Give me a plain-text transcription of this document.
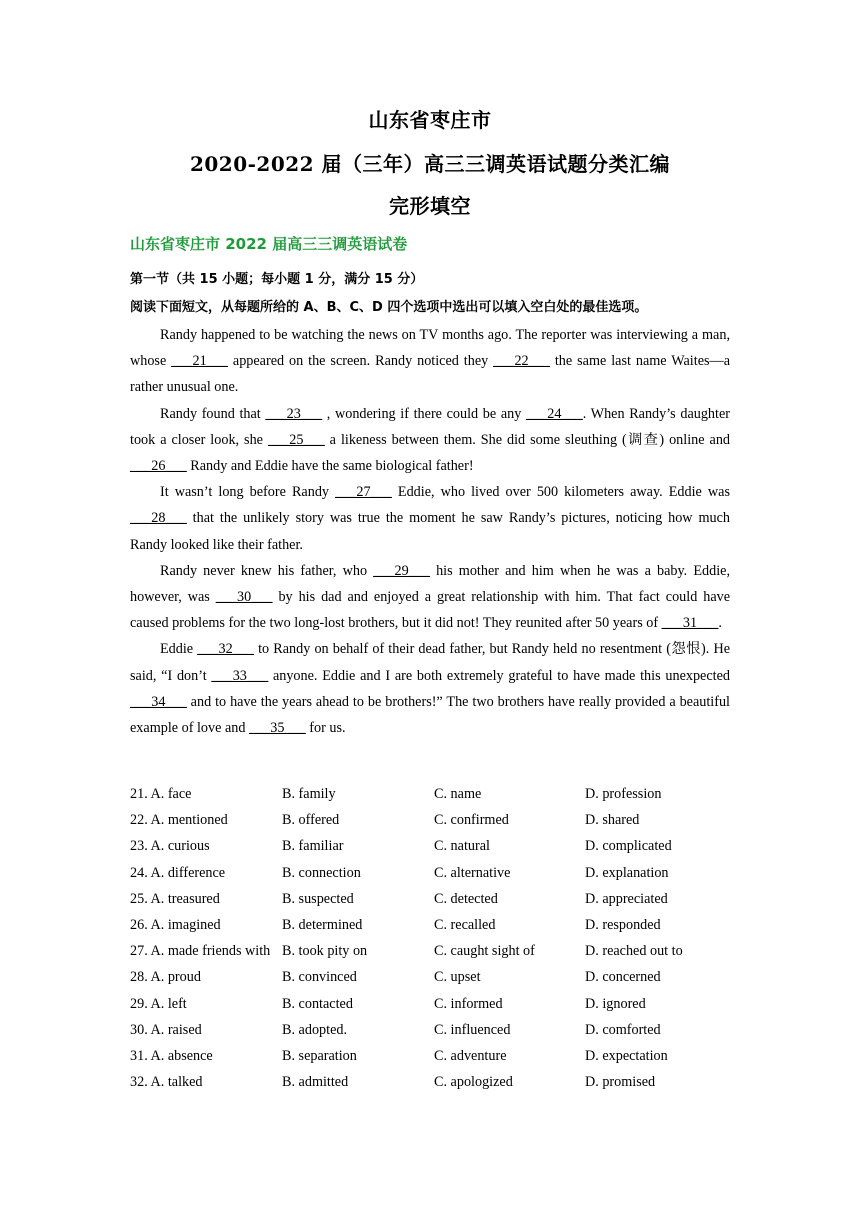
山东省枣庄市
2020-2022 届（三年）高三三调英语试题分类汇编
完形填空
山东省枣庄市 2022 届高三三调英语试卷
第一节（共 15 小题；每小题 1 分，满分 15 分）
阅读下面短文，从每题所给的 A、B、C、D 四个选项中选出可以填入空白处的最佳选项。

Randy happened to be watching the news on TV months ago. The reporter was interviewing a man, whose ___21___ appeared on the screen. Randy noticed they ___22___ the same last name Waites—a rather unusual one.

Randy found that ___23___ , wondering if there could be any ___24___. When Randy’s daughter took a closer look, she ___25___ a likeness between them. She did some sleuthing (调查) online and ___26___ Randy and Eddie have the same biological father!

It wasn’t long before Randy ___27___ Eddie, who lived over 500 kilometers away. Eddie was ___28___ that the unlikely story was true the moment he saw Randy’s pictures, noticing how much Randy looked like their father.

Randy never knew his father, who ___29___ his mother and him when he was a baby. Eddie, however, was ___30___ by his dad and enjoyed a great relationship with him. That fact could have caused problems for the two long-lost brothers, but it did not! They reunited after 50 years of ___31___.

Eddie ___32___ to Randy on behalf of their dead father, but Randy held no resentment (怨恨). He said, “I don’t ___33___ anyone. Eddie and I are both extremely grateful to have made this unexpected ___34___ and to have the years ahead to be brothers!” The two brothers have really provided a beautiful example of love and ___35___ for us.

21. A. face	B. family	C. name	D. profession
22. A. mentioned	B. offered	C. confirmed	D. shared
23. A. curious	B. familiar	C. natural	D. complicated
24. A. difference	B. connection	C. alternative	D. explanation
25. A. treasured	B. suspected	C. detected	D. appreciated
26. A. imagined	B. determined	C. recalled	D. responded
27. A. made friends with B. took pity on	C. caught sight of	D. reached out to
28. A. proud	B. convinced	C. upset	D. concerned
29. A. left	B. contacted	C. informed	D. ignored
30. A. raised	B. adopted.	C. influenced	D. comforted
31. A. absence	B. separation	C. adventure	D. expectation
32. A. talked	B. admitted	C. apologized	D. promised
